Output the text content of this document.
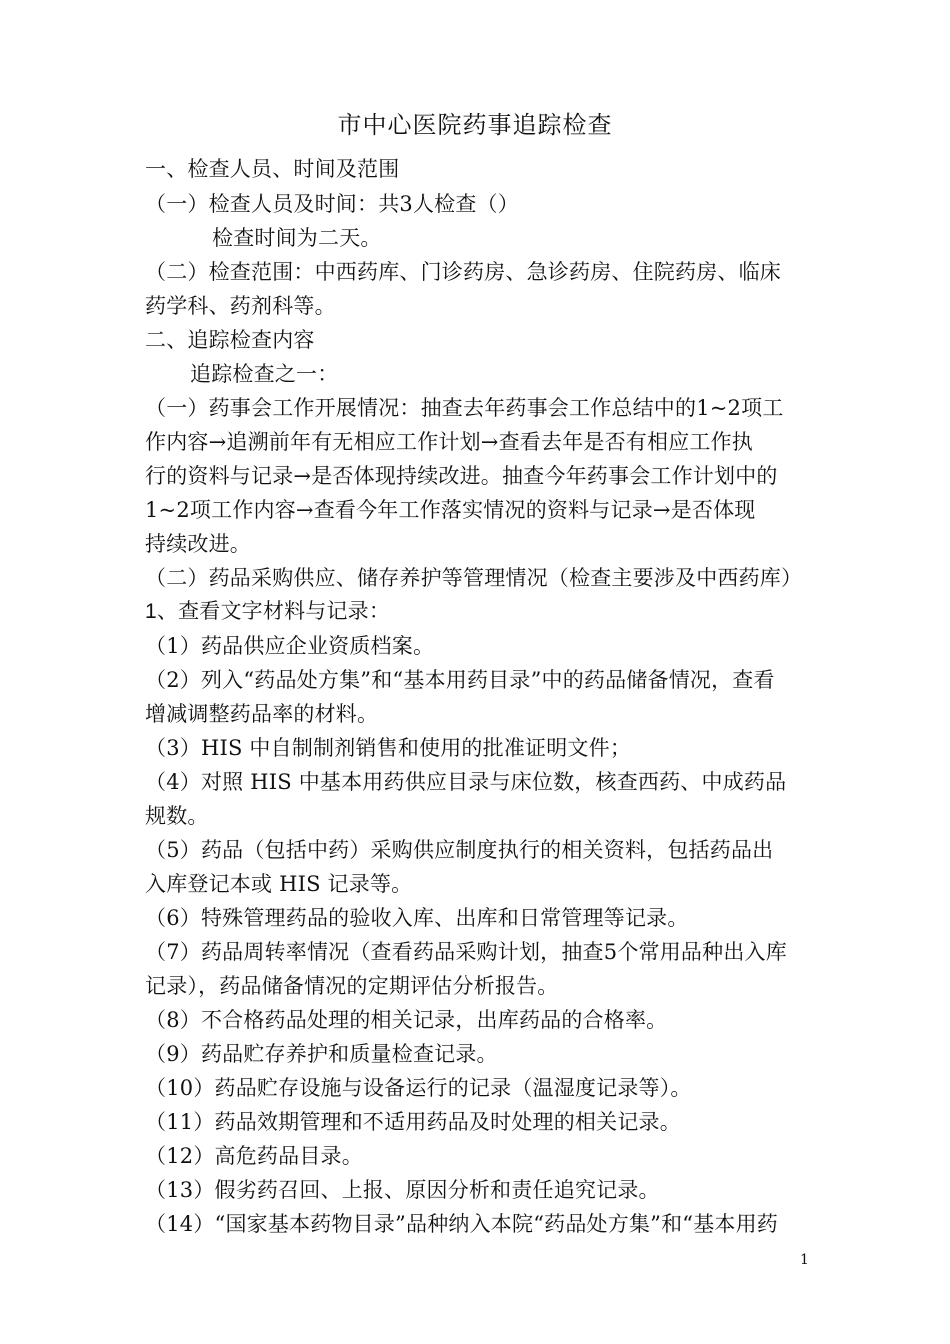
市中心医院药事追踪检查
一、检查人员、时间及范围
（一）检查人员及时间：共3人检查（）
检查时间为二天。
（二）检查范围：中西药库、门诊药房、急诊药房、住院药房、临床
药学科、药剂科等。
二、追踪检查内容
追踪检查之一：
（一）药事会工作开展情况：抽查去年药事会工作总结中的1~2项工
作内容→追溯前年有无相应工作计划→查看去年是否有相应工作执
行的资料与记录→是否体现持续改进。抽查今年药事会工作计划中的
1~2项工作内容→查看今年工作落实情况的资料与记录→是否体现
持续改进。
（二）药品采购供应、储存养护等管理情况（检查主要涉及中西药库）
1、查看文字材料与记录：
（1）药品供应企业资质档案。
（2）列入“药品处方集”和“基本用药目录”中的药品储备情况，查看
增减调整药品率的材料。
（3）HIS 中自制制剂销售和使用的批准证明文件；
（4）对照 HIS 中基本用药供应目录与床位数，核查西药、中成药品
规数。
（5）药品（包括中药）采购供应制度执行的相关资料，包括药品出
入库登记本或 HIS 记录等。
（6）特殊管理药品的验收入库、出库和日常管理等记录。
（7）药品周转率情况（查看药品采购计划，抽查5个常用品种出入库
记录），药品储备情况的定期评估分析报告。
（8）不合格药品处理的相关记录，出库药品的合格率。
（9）药品贮存养护和质量检查记录。
（10）药品贮存设施与设备运行的记录（温湿度记录等）。
（11）药品效期管理和不适用药品及时处理的相关记录。
（12）高危药品目录。
（13）假劣药召回、上报、原因分析和责任追究记录。
（14）“国家基本药物目录”品种纳入本院“药品处方集”和“基本用药
1
